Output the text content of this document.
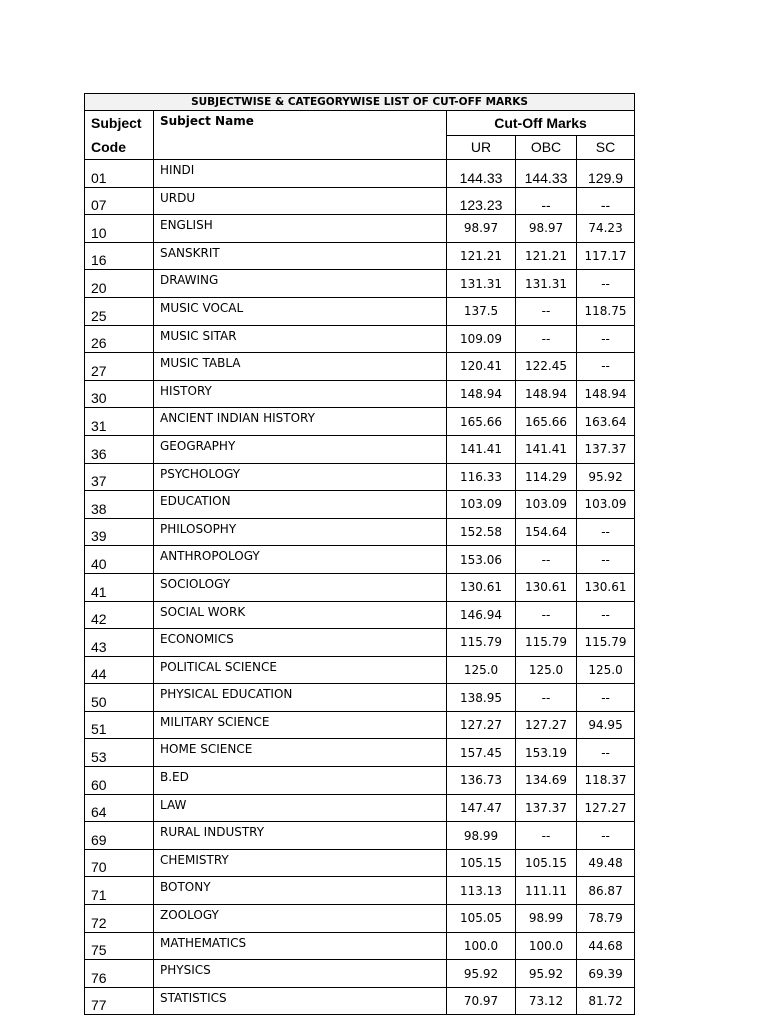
SUBJECTWISE & CATEGORYWISE LIST OF CUT-OFF MARKS				

Subject
Code	Subject Name	Cut-Off Marks		
		UR	OBC	SC
01	HINDI	144.33	144.33	129.9
07	URDU	123.23	--	--
10	ENGLISH	98.97	98.97	74.23
16	SANSKRIT	121.21	121.21	117.17
20	DRAWING	131.31	131.31	--
25	MUSIC VOCAL	137.5	--	118.75
26	MUSIC SITAR	109.09	--	--
27	MUSIC TABLA	120.41	122.45	--
30	HISTORY	148.94	148.94	148.94
31	ANCIENT INDIAN HISTORY	165.66	165.66	163.64
36	GEOGRAPHY	141.41	141.41	137.37
37	PSYCHOLOGY	116.33	114.29	95.92
38	EDUCATION	103.09	103.09	103.09
39	PHILOSOPHY	152.58	154.64	--
40	ANTHROPOLOGY	153.06	--	--
41	SOCIOLOGY	130.61	130.61	130.61
42	SOCIAL WORK	146.94	--	--
43	ECONOMICS	115.79	115.79	115.79
44	POLITICAL SCIENCE	125.0	125.0	125.0
50	PHYSICAL EDUCATION	138.95	--	--
51	MILITARY SCIENCE	127.27	127.27	94.95
53	HOME SCIENCE	157.45	153.19	--
60	B.ED	136.73	134.69	118.37
64	LAW	147.47	137.37	127.27
69	RURAL INDUSTRY	98.99	--	--
70	CHEMISTRY	105.15	105.15	49.48
71	BOTONY	113.13	111.11	86.87
72	ZOOLOGY	105.05	98.99	78.79
75	MATHEMATICS	100.0	100.0	44.68
76	PHYSICS	95.92	95.92	69.39
77	STATISTICS	70.97	73.12	81.72
